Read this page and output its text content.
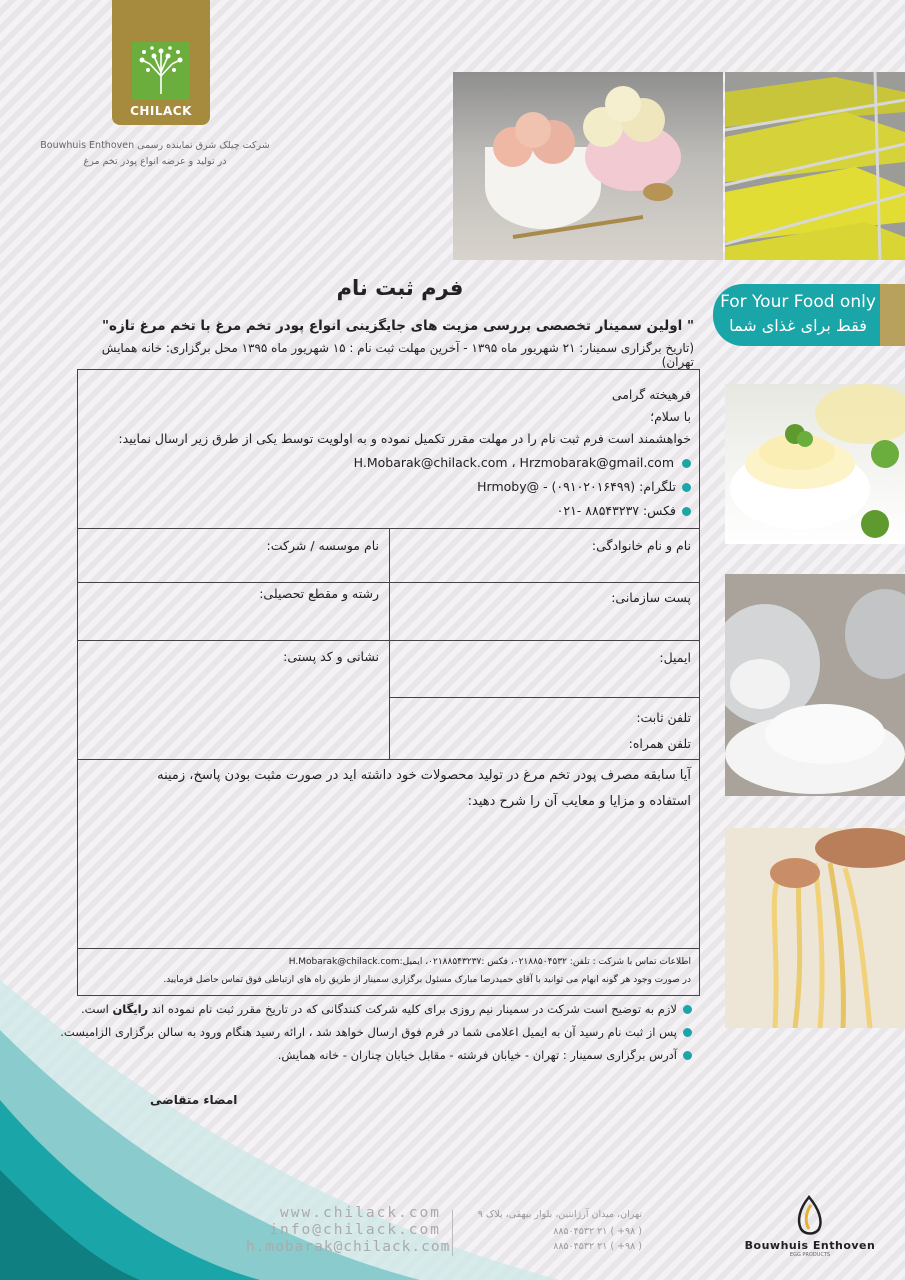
CHILACK
شرکت چیلک شرق نماینده رسمی Bouwhuis Enthoven
در تولید و عرضه انواع پودر تخم مرغ
For Your Food only
فقط برای غذای شما
فرم ثبت نام
" اولین سمینار تخصصی بررسی مزیت های جایگزینی انواع پودر تخم مرغ با تخم مرغ تازه"
(تاریخ برگزاری سمینار: ۲۱ شهریور ماه ۱۳۹۵ - آخرین مهلت ثبت نام : ۱۵ شهریور ماه ۱۳۹۵ محل برگزاری: خانه همایش تهران)
فرهیخته گرامی
با سلام؛
خواهشمند است فرم ثبت نام را در مهلت مقرر تکمیل نموده و به اولویت توسط یکی از طرق زیر ارسال نمایید:
H.Mobarak@chilack.com ، Hrzmobarak@gmail.com
تلگرام: Hrmoby@ - (۰۹۱۰۲۰۱۶۴۹۹)
فکس: ۸۸۵۴۳۲۳۷ -۰۲۱
نام و نام خانوادگی:
نام موسسه / شرکت:
پست سازمانی:
رشته و مقطع تحصیلی:
ایمیل:
نشانی و کد پستی:
تلفن ثابت:
تلفن همراه:
آیا سابقه مصرف پودر تخم مرغ در تولید محصولات خود داشته اید در صورت مثبت بودن پاسخ، زمینه
استفاده و مزایا و معایب آن را شرح دهید:
اطلاعات تماس با شرکت : تلفن: ۰۲۱۸۸۵۰۴۵۳۲، فکس :۰۲۱۸۸۵۴۳۲۳۷، ایمیل:H.Mobarak@chilack.com
در صورت وجود هر گونه ابهام می توانید با آقای حمیدرضا مبارک مسئول برگزاری سمینار از طریق راه های ارتباطی فوق تماس حاصل فرمایید.
لازم به توضیح است شرکت در سمینار نیم روزی برای کلیه شرکت کنندگانی که در تاریخ مقرر ثبت نام نموده اند رایگان است.
پس از ثبت نام رسید آن به ایمیل اعلامی شما در فرم فوق ارسال خواهد شد ، ارائه رسید هنگام ورود به سالن برگزاری الزامیست.
آدرس برگزاری سمینار : تهران - خیابان فرشته - مقابل خیابان چناران - خانه همایش.
امضاء متقاضی
www.chilack.com
info@chilack.com
h.mobarak@chilack.com
تهران، میدان آرژانتین، بلوار بیهقی، پلاک ۹
( ۹۸+ ) ۲۱ ۸۸۵۰۴۵۳۲
( ۹۸+ ) ۲۱ ۸۸۵۰۴۵۳۲	Bouwhuis Enthoven
EGG PRODUCTS
